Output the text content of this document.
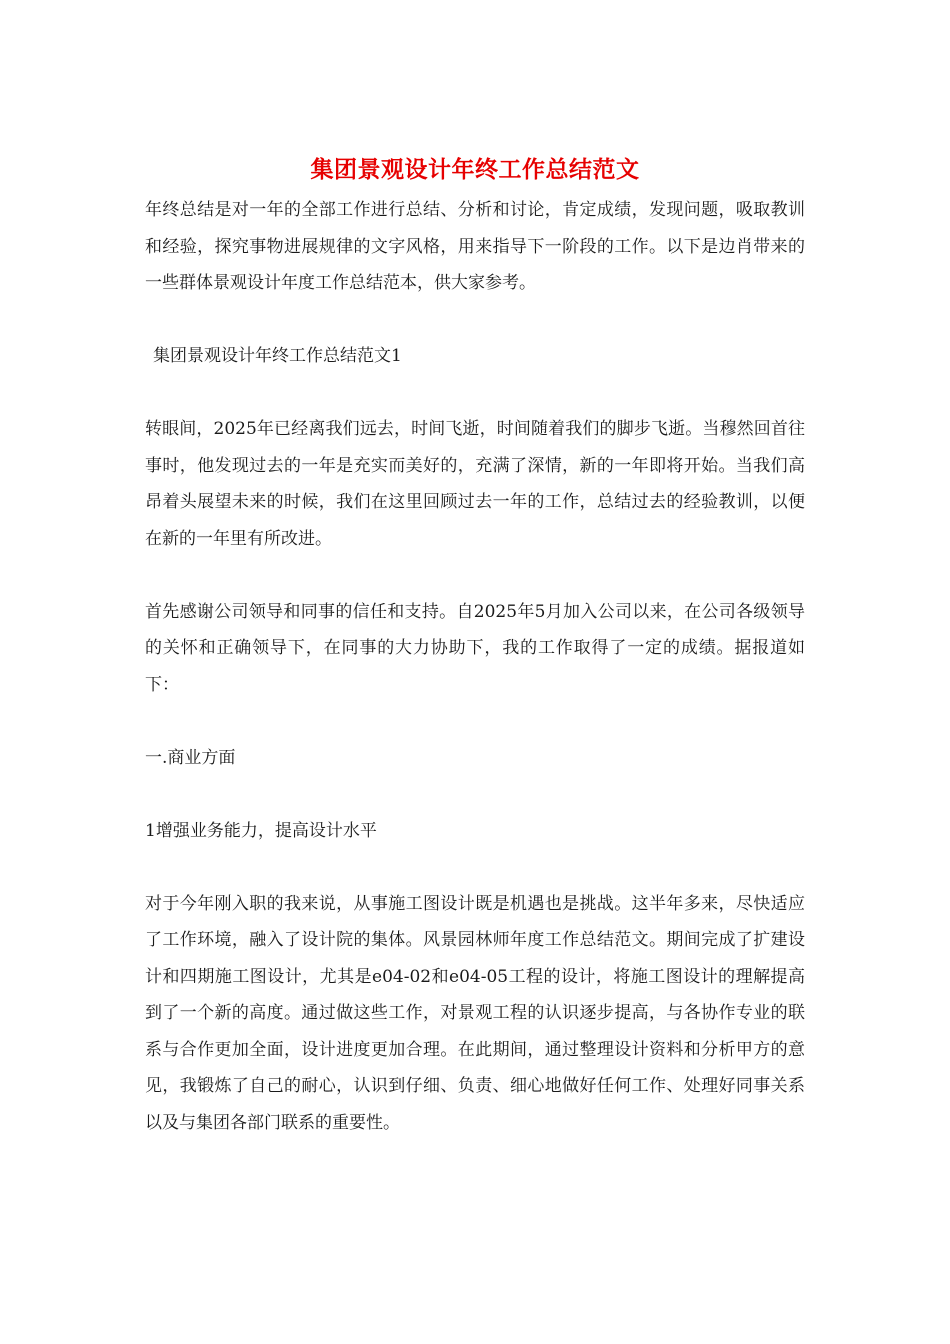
集团景观设计年终工作总结范文

年终总结是对一年的全部工作进行总结、分析和讨论，肯定成绩，发现问题，吸取教训和经验，探究事物进展规律的文字风格，用来指导下一阶段的工作。以下是边肖带来的一些群体景观设计年度工作总结范本，供大家参考。

集团景观设计年终工作总结范文1

转眼间，2025年已经离我们远去，时间飞逝，时间随着我们的脚步飞逝。当穆然回首往事时，他发现过去的一年是充实而美好的，充满了深情，新的一年即将开始。当我们高昂着头展望未来的时候，我们在这里回顾过去一年的工作，总结过去的经验教训，以便在新的一年里有所改进。

首先感谢公司领导和同事的信任和支持。自2025年5月加入公司以来，在公司各级领导的关怀和正确领导下，在同事的大力协助下，我的工作取得了一定的成绩。据报道如下：

一.商业方面

1增强业务能力，提高设计水平

对于今年刚入职的我来说，从事施工图设计既是机遇也是挑战。这半年多来，尽快适应了工作环境，融入了设计院的集体。风景园林师年度工作总结范文。期间完成了扩建设计和四期施工图设计，尤其是e04-02和e04-05工程的设计，将施工图设计的理解提高到了一个新的高度。通过做这些工作，对景观工程的认识逐步提高，与各协作专业的联系与合作更加全面，设计进度更加合理。在此期间，通过整理设计资料和分析甲方的意见，我锻炼了自己的耐心，认识到仔细、负责、细心地做好任何工作、处理好同事关系以及与集团各部门联系的重要性。
